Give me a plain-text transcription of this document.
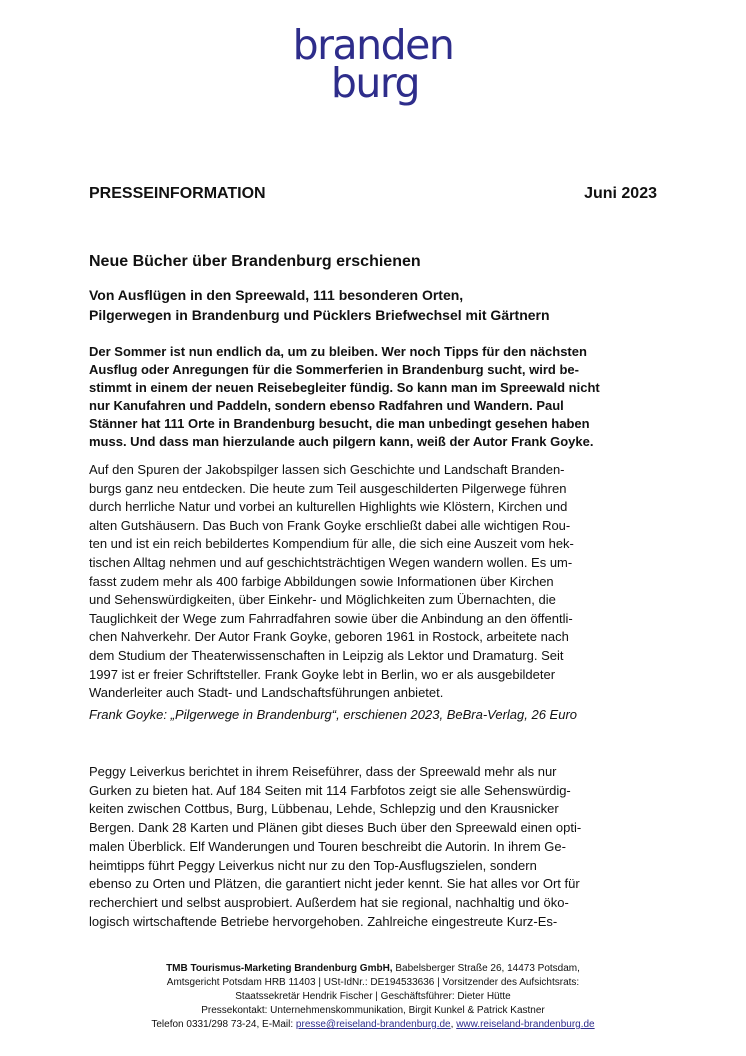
branden
burg
PRESSEINFORMATION	Juni 2023
Neue Bücher über Brandenburg erschienen
Von Ausflügen in den Spreewald, 111 besonderen Orten,
Pilgerwegen in Brandenburg und Pücklers Briefwechsel mit Gärtnern
Der Sommer ist nun endlich da, um zu bleiben. Wer noch Tipps für den nächsten
Ausflug oder Anregungen für die Sommerferien in Brandenburg sucht, wird be-
stimmt in einem der neuen Reisebegleiter fündig. So kann man im Spreewald nicht
nur Kanufahren und Paddeln, sondern ebenso Radfahren und Wandern. Paul
Stänner hat 111 Orte in Brandenburg besucht, die man unbedingt gesehen haben
muss. Und dass man hierzulande auch pilgern kann, weiß der Autor Frank Goyke.
Auf den Spuren der Jakobspilger lassen sich Geschichte und Landschaft Branden-
burgs ganz neu entdecken. Die heute zum Teil ausgeschilderten Pilgerwege führen
durch herrliche Natur und vorbei an kulturellen Highlights wie Klöstern, Kirchen und
alten Gutshäusern. Das Buch von Frank Goyke erschließt dabei alle wichtigen Rou-
ten und ist ein reich bebildertes Kompendium für alle, die sich eine Auszeit vom hek-
tischen Alltag nehmen und auf geschichtsträchtigen Wegen wandern wollen. Es um-
fasst zudem mehr als 400 farbige Abbildungen sowie Informationen über Kirchen
und Sehenswürdigkeiten, über Einkehr- und Möglichkeiten zum Übernachten, die
Tauglichkeit der Wege zum Fahrradfahren sowie über die Anbindung an den öffentli-
chen Nahverkehr. Der Autor Frank Goyke, geboren 1961 in Rostock, arbeitete nach
dem Studium der Theaterwissenschaften in Leipzig als Lektor und Dramaturg. Seit
1997 ist er freier Schriftsteller. Frank Goyke lebt in Berlin, wo er als ausgebildeter
Wanderleiter auch Stadt- und Landschaftsführungen anbietet.
Frank Goyke: „Pilgerwege in Brandenburg“, erschienen 2023, BeBra-Verlag, 26 Euro
Peggy Leiverkus berichtet in ihrem Reiseführer, dass der Spreewald mehr als nur
Gurken zu bieten hat. Auf 184 Seiten mit 114 Farbfotos zeigt sie alle Sehenswürdig-
keiten zwischen Cottbus, Burg, Lübbenau, Lehde, Schlepzig und den Krausnicker
Bergen. Dank 28 Karten und Plänen gibt dieses Buch über den Spreewald einen opti-
malen Überblick. Elf Wanderungen und Touren beschreibt die Autorin. In ihrem Ge-
heimtipps führt Peggy Leiverkus nicht nur zu den Top-Ausflugszielen, sondern
ebenso zu Orten und Plätzen, die garantiert nicht jeder kennt. Sie hat alles vor Ort für
recherchiert und selbst ausprobiert. Außerdem hat sie regional, nachhaltig und öko-
logisch wirtschaftende Betriebe hervorgehoben. Zahlreiche eingestreute Kurz-Es-
TMB Tourismus-Marketing Brandenburg GmbH, Babelsberger Straße 26, 14473 Potsdam,
Amtsgericht Potsdam HRB 11403 | USt-IdNr.: DE194533636 | Vorsitzender des Aufsichtsrats:
Staatssekretär Hendrik Fischer | Geschäftsführer: Dieter Hütte
Pressekontakt: Unternehmenskommunikation, Birgit Kunkel & Patrick Kastner
Telefon 0331/298 73-24, E-Mail: presse@reiseland-brandenburg.de, www.reiseland-brandenburg.de
